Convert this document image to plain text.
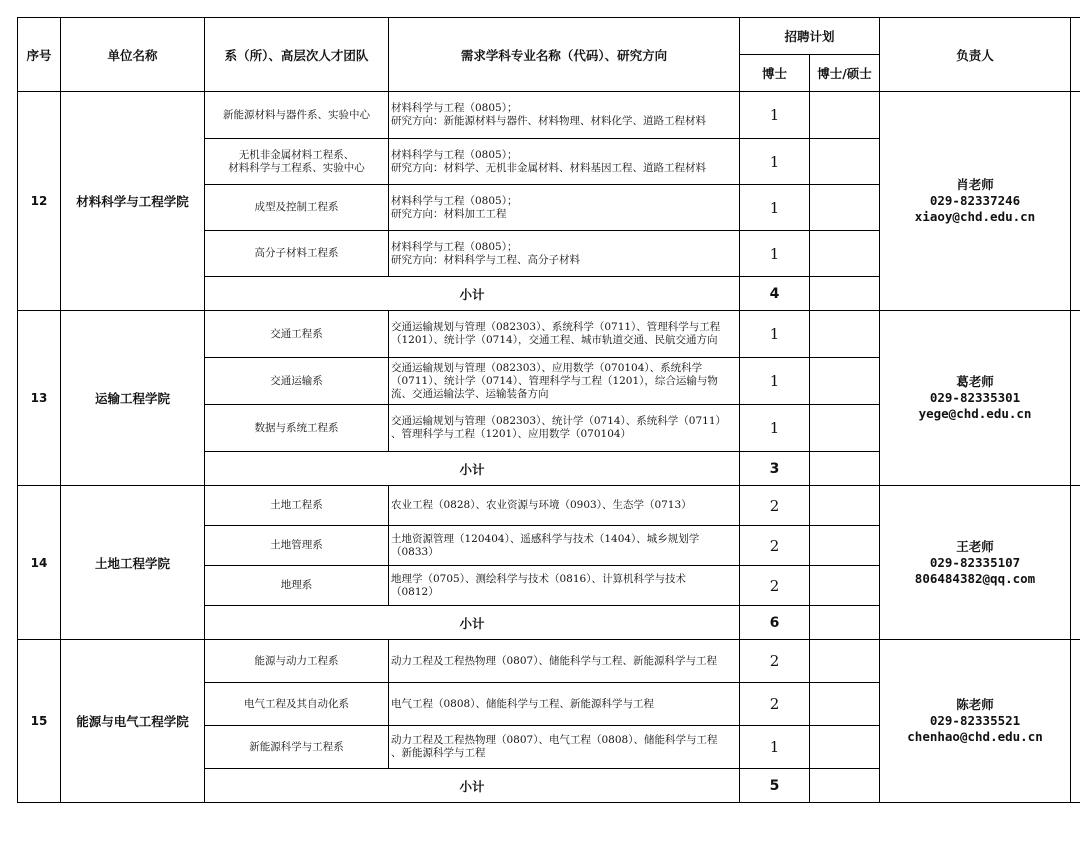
序号	单位名称	系（所）、高层次人才团队	需求学科专业名称（代码）、研究方向	招聘计划		负责人	
				博士	博士/硕士		
12	材料科学与工程学院	新能源材料与器件系、实验中心	材料科学与工程（0805）；
研究方向：新能源材料与器件、材料物理、材料化学、道路工程材料	1		肖老师
029-82337246
xiaoy@chd.edu.cn	

		无机非金属材料工程系、
材料科学与工程系、实验中心	材料科学与工程（0805）；
研究方向：材料学、无机非金属材料、材料基因工程、道路工程材料	1			

		成型及控制工程系	材料科学与工程（0805）；
研究方向：材料加工工程	1			

		高分子材料工程系	材料科学与工程（0805）；
研究方向：材料科学与工程、高分子材料	1			
		小计		4			
13	运输工程学院	交通工程系	交通运输规划与管理（082303）、系统科学（0711）、管理科学与工程
（1201）、统计学（0714），交通工程、城市轨道交通、民航交通方向	1		葛老师
029-82335301
yege@chd.edu.cn	

		交通运输系	交通运输规划与管理（082303）、应用数学（070104）、系统科学
（0711）、统计学（0714）、管理科学与工程（1201），综合运输与物
流、交通运输法学、运输装备方向	1			

		数据与系统工程系	交通运输规划与管理（082303）、统计学（0714）、系统科学（0711）
、管理科学与工程（1201）、应用数学（070104）	1			
		小计		3			
14	土地工程学院	土地工程系	农业工程（0828）、农业资源与环境（0903）、生态学（0713）	2		王老师
029-82335107
806484382@qq.com	

		土地管理系	土地资源管理（120404）、遥感科学与技术（1404）、城乡规划学
（0833）	2			

		地理系	地理学（0705）、测绘科学与技术（0816）、计算机科学与技术
（0812）	2			
		小计		6			
15	能源与电气工程学院	能源与动力工程系	动力工程及工程热物理（0807）、储能科学与工程、新能源科学与工程	2		陈老师
029-82335521
chenhao@chd.edu.cn	

		电气工程及其自动化系	电气工程（0808）、储能科学与工程、新能源科学与工程	2			

		新能源科学与工程系	动力工程及工程热物理（0807）、电气工程（0808）、储能科学与工程
、新能源科学与工程	1			
		小计		5			
